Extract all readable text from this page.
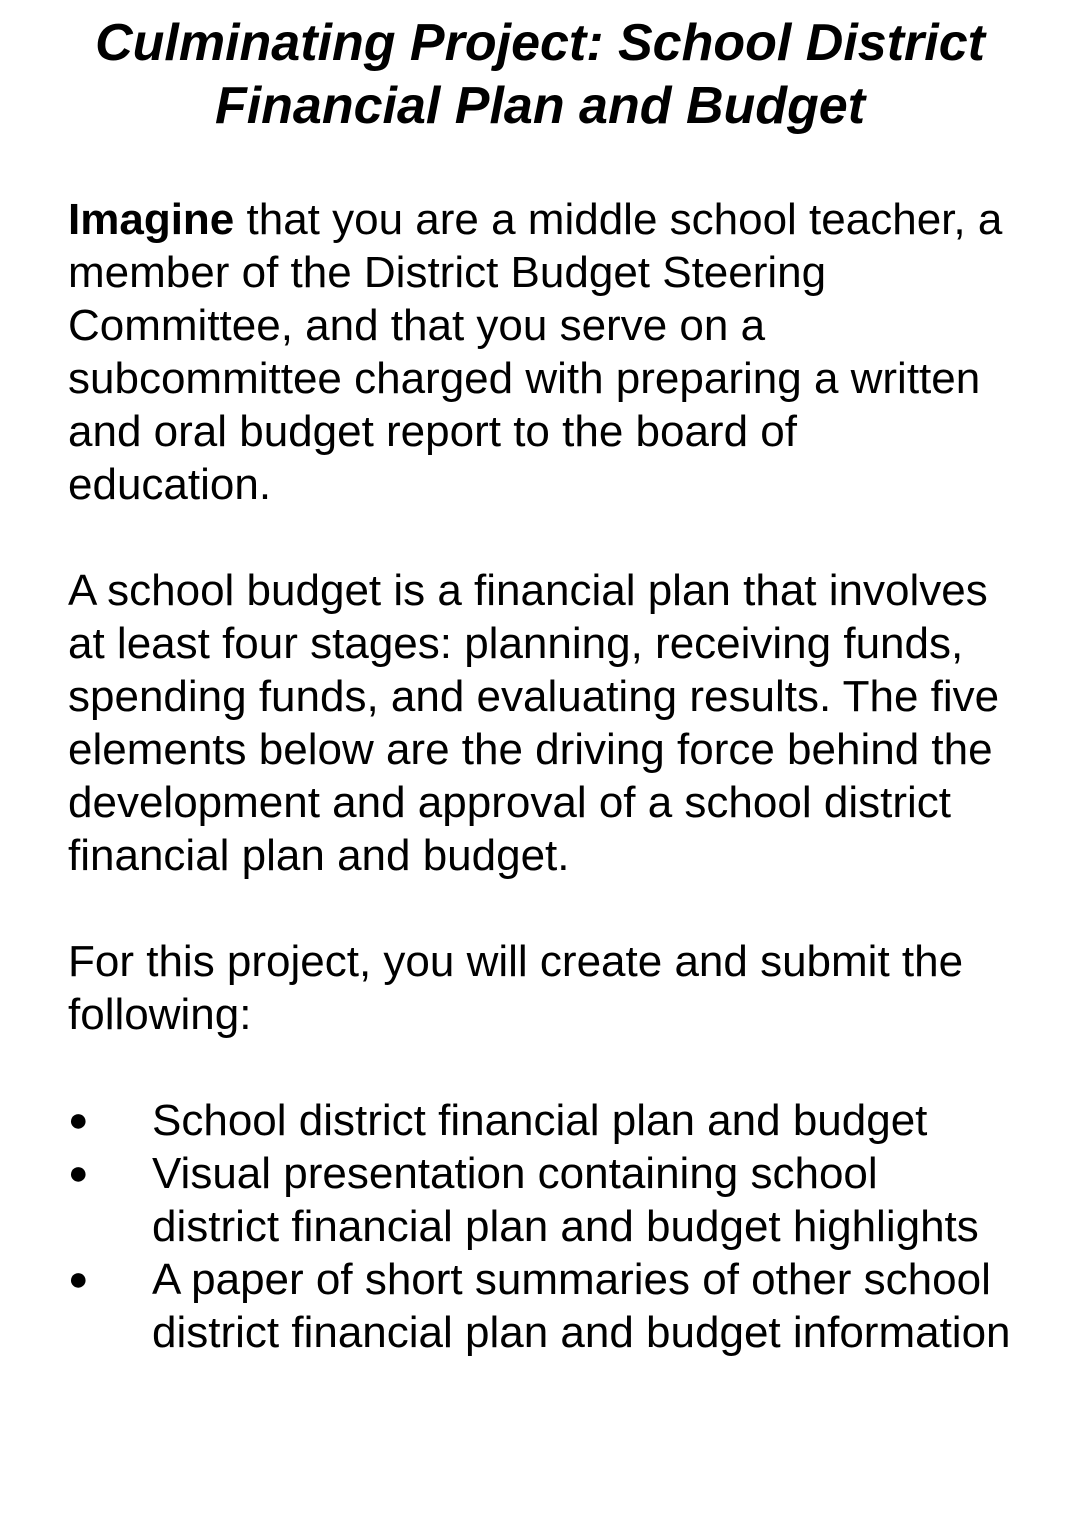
Culminating Project: School District Financial Plan and Budget

Imagine that you are a middle school teacher, a member of the District Budget Steering Committee, and that you serve on a subcommittee charged with preparing a written and oral budget report to the board of education.

A school budget is a financial plan that involves at least four stages: planning, receiving funds, spending funds, and evaluating results. The five elements below are the driving force behind the development and approval of a school district financial plan and budget.

For this project, you will create and submit the following:

● School district financial plan and budget
● Visual presentation containing school district financial plan and budget highlights
● A paper of short summaries of other school district financial plan and budget information
